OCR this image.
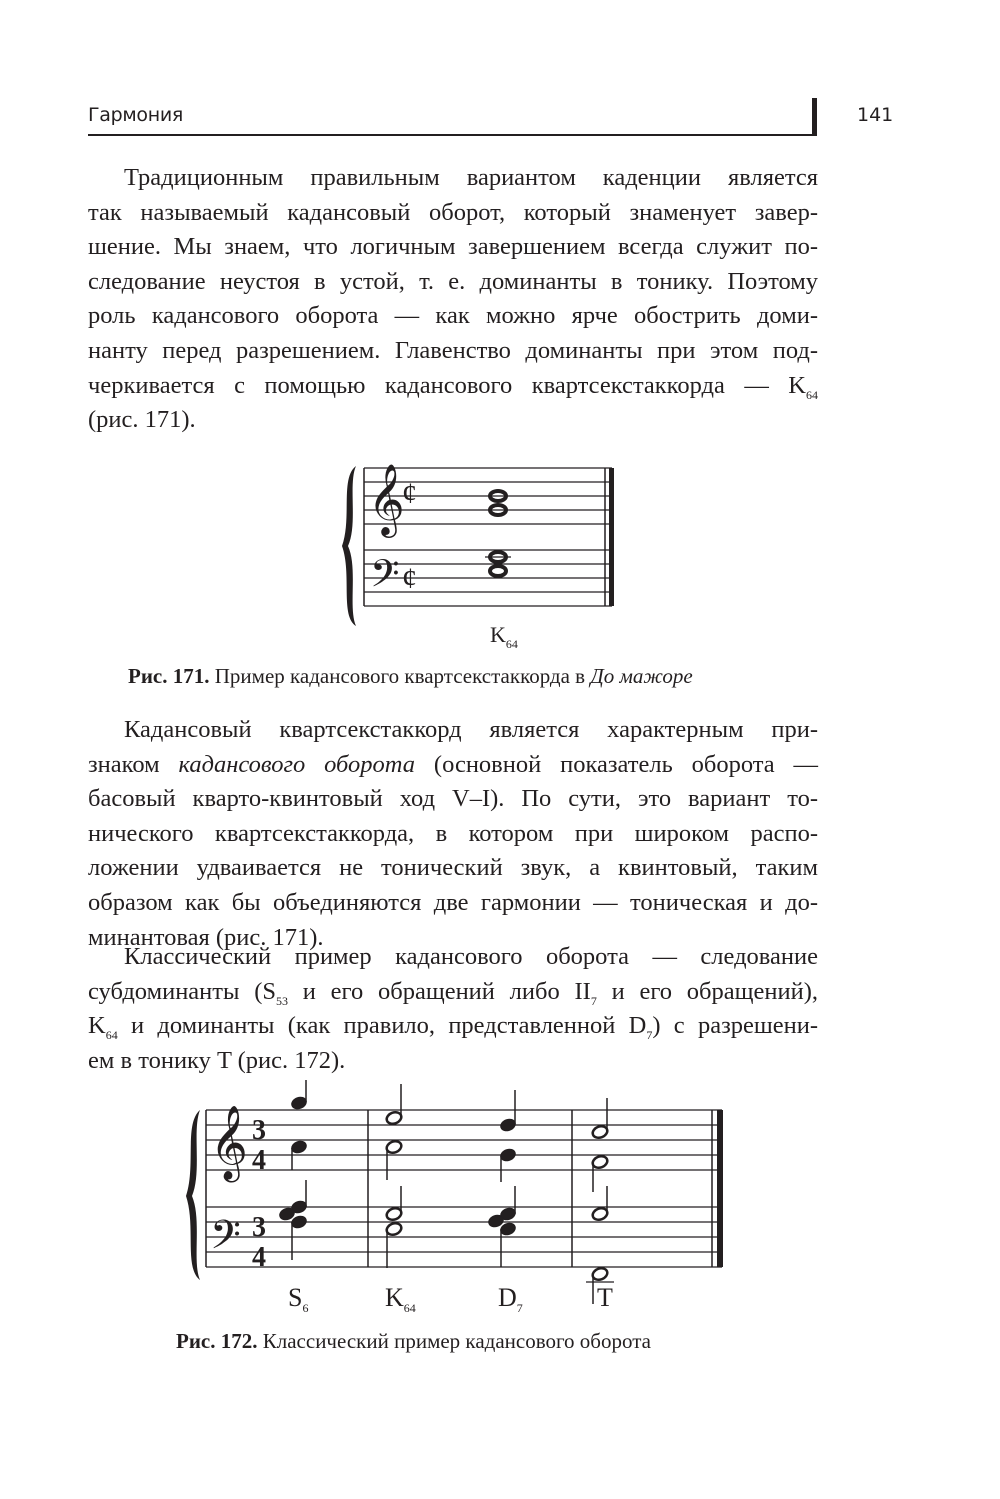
Гармония	141
Традиционным правильным вариантом каденции является
так называемый кадансовый оборот, который знаменует завер-
шение. Мы знаем, что логичным завершением всегда служит по-
следование неустоя в устой, т. е. доминанты в тонику. Поэтому
роль кадансового оборота — как можно ярче обострить доми-
нанту перед разрешением. Главенство доминанты при этом под-
черкивается с помощью кадансового квартсекстаккорда — $K_{64}$
(рис. 171).
𝄞
𝄢
¢
¢
$K_{64}$
Рис. 171. Пример кадансового квартсекстаккорда в До мажоре
Кадансовый квартсекстаккорд является характерным при-
знаком кадансового оборота (основной показатель оборота —
басовый кварто-квинтовый ход V–I). По сути, это вариант то-
нического квартсекстаккорда, в котором при широком распо-
ложении удваивается не тонический звук, а квинтовый, таким
образом как бы объединяются две гармонии — тоническая и до-
минантовая (рис. 171).
Классический пример кадансового оборота — следование
субдоминанты ($S_{53}$ и его обращений либо $II_7$ и его обращений),
$K_{64}$ и доминанты (как правило, представленной $D_7$) с разрешени-
ем в тонику T (рис. 172).
𝄞
𝄢
3
4
3
4
$S_6$	$K_{64}$	$D_7$	T
Рис. 172. Классический пример кадансового оборота
